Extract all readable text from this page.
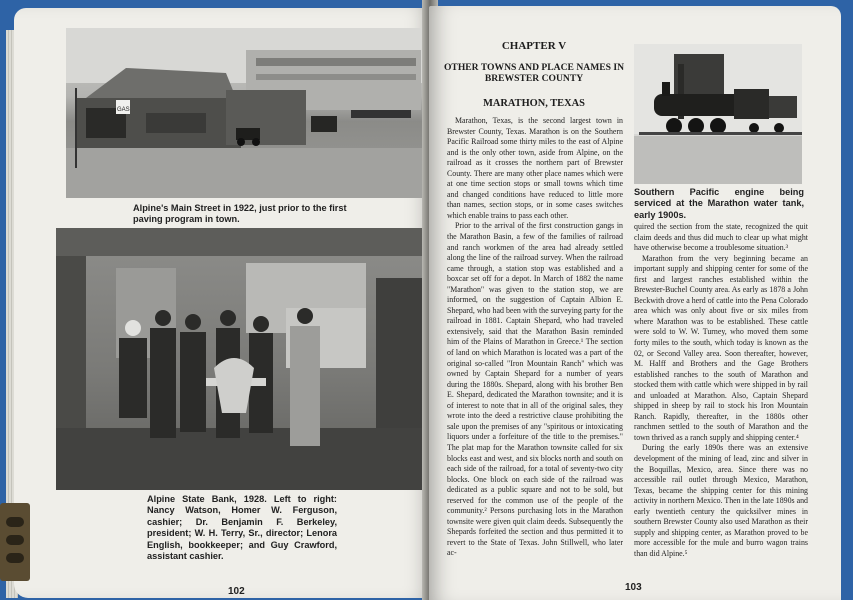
GAS
Alpine's Main Street in 1922, just prior to the first paving program in town.
Alpine State Bank, 1928. Left to right: Nancy Watson, Homer W. Ferguson, cashier; Dr. Benjamin F. Berkeley, president; W. H. Terry, Sr., director; Lenora English, bookkeeper; and Guy Crawford, assistant cashier.
102
CHAPTER V
OTHER TOWNS AND PLACE NAMES IN BREWSTER COUNTY
MARATHON, TEXAS
Southern Pacific engine being serviced at the Marathon water tank, early 1900s.

Marathon, Texas, is the second largest town in Brewster County, Texas. Marathon is on the Southern Pacific Railroad some thirty miles to the east of Alpine and is the only other town, aside from Alpine, on the railroad as it crosses the northern part of Brewster County. There are many other place names which were at one time section stops or small towns which time and changed conditions have reduced to little more than names, section stops, or in some cases switches which enable trains to pass each other.

Prior to the arrival of the first construction gangs in the Marathon Basin, a few of the families of railroad and ranch workmen of the area had already settled along the line of the railroad survey. When the railroad came through, a station stop was established and a boxcar set off for a depot. In March of 1882 the name "Marathon" was given to the station stop, we are informed, on the suggestion of Captain Albion E. Shepard, who had been with the surveying party for the railroad in 1881. Captain Shepard, who had traveled extensively, said that the Marathon Basin reminded him of the Plains of Marathon in Greece.¹ The section of land on which Marathon is located was a part of the original so-called "Iron Mountain Ranch" which was owned by Captain Shepard for a number of years during the 1880s. Shepard, along with his brother Ben E. Shepard, dedicated the Marathon townsite; and it is of interest to note that in all of the original sales, they wrote into the deed a restrictive clause prohibiting the sale upon the premises of any "spiritous or intoxicating liquors under a forfeiture of the title to the premises." The plat map for the Marathon townsite called for six blocks east and west, and six blocks north and south on each side of the railroad, for a total of seventy-two city blocks. One block on each side of the railroad was dedicated as a public square and not to be sold, but reserved for the common use of the people of the community.² Persons purchasing lots in the Marathon townsite were given quit claim deeds. Subsequently the Shepards forfeited the section and thus permitted it to revert to the State of Texas. John Stillwell, who later ac-

quired the section from the state, recognized the quit claim deeds and thus did much to clear up what might have otherwise become a troublesome situation.³

Marathon from the very beginning became an important supply and shipping center for some of the first and largest ranches established within the Brewster-Buchel County area. As early as 1878 a John Beckwith drove a herd of cattle into the Pena Colorado area which was only about five or six miles from where Marathon was to be established. These cattle were sold to W. W. Turney, who moved them some forty miles to the south, which today is known as the 02, or Second Valley area. Soon thereafter, however, M. Halff and Brothers and the Gage Brothers established ranches to the south of Marathon and stocked them with cattle which were shipped in by rail and unloaded at Marathon. Also, Captain Shepard shipped in sheep by rail to stock his Iron Mountain Ranch. Rapidly, thereafter, in the 1880s other ranchmen settled to the south of Marathon and the town thrived as a ranch supply and shipping center.⁴

During the early 1890s there was an extensive development of the mining of lead, zinc and silver in the Boquillas, Mexico, area. Since there was no accessible rail outlet through Mexico, Marathon, Texas, became the shipping center for this mining activity in northern Mexico. Then in the late 1890s and early twentieth century the quicksilver mines in southern Brewster County also used Marathon as their supply and shipping center, as Marathon proved to be more accessible for the mule and burro wagon trains than did Alpine.⁵

103
